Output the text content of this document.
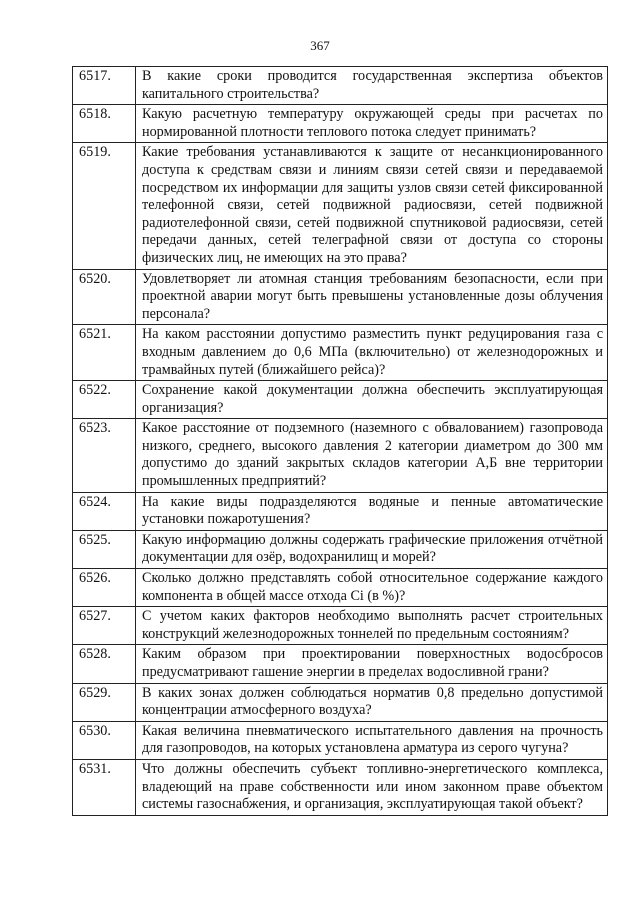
367
6517.	В какие сроки проводится государственная экспертиза объектов капитального строительства?
6518.	Какую расчетную температуру окружающей среды при расчетах по нормированной плотности теплового потока следует принимать?
6519.	Какие требования устанавливаются к защите от несанкционированного доступа к средствам связи и линиям связи сетей связи и передаваемой посредством их информации для защиты узлов связи сетей фиксированной телефонной связи, сетей подвижной радиосвязи, сетей подвижной радиотелефонной связи, сетей подвижной спутниковой радиосвязи, сетей передачи данных, сетей телеграфной связи от доступа со стороны физических лиц, не имеющих на это права?
6520.	Удовлетворяет ли атомная станция требованиям безопасности, если при проектной аварии могут быть превышены установленные дозы облучения персонала?
6521.	На каком расстоянии допустимо разместить пункт редуцирования газа с входным давлением до 0,6 МПа (включительно) от железнодорожных и трамвайных путей (ближайшего рейса)?
6522.	Сохранение какой документации должна обеспечить эксплуатирующая организация?
6523.	Какое расстояние от подземного (наземного с обвалованием) газопровода низкого, среднего, высокого давления 2 категории диаметром до 300 мм допустимо до зданий закрытых складов категории А,Б вне территории промышленных предприятий?
6524.	На какие виды подразделяются водяные и пенные автоматические установки пожаротушения?
6525.	Какую информацию должны содержать графические приложения отчётной документации для озёр, водохранилищ и морей?
6526.	Сколько должно представлять собой относительное содержание каждого компонента в общей массе отхода Ci (в %)?
6527.	С учетом каких факторов необходимо выполнять расчет строительных конструкций железнодорожных тоннелей по предельным состояниям?
6528.	Каким образом при проектировании поверхностных водосбросов предусматривают гашение энергии в пределах водосливной грани?
6529.	В каких зонах должен соблюдаться норматив 0,8 предельно допустимой концентрации атмосферного воздуха?
6530.	Какая величина пневматического испытательного давления на прочность для газопроводов, на которых установлена арматура из серого чугуна?
6531.	Что должны обеспечить субъект топливно-энергетического комплекса, владеющий на праве собственности или ином законном праве объектом системы газоснабжения, и организация, эксплуатирующая такой объект?
